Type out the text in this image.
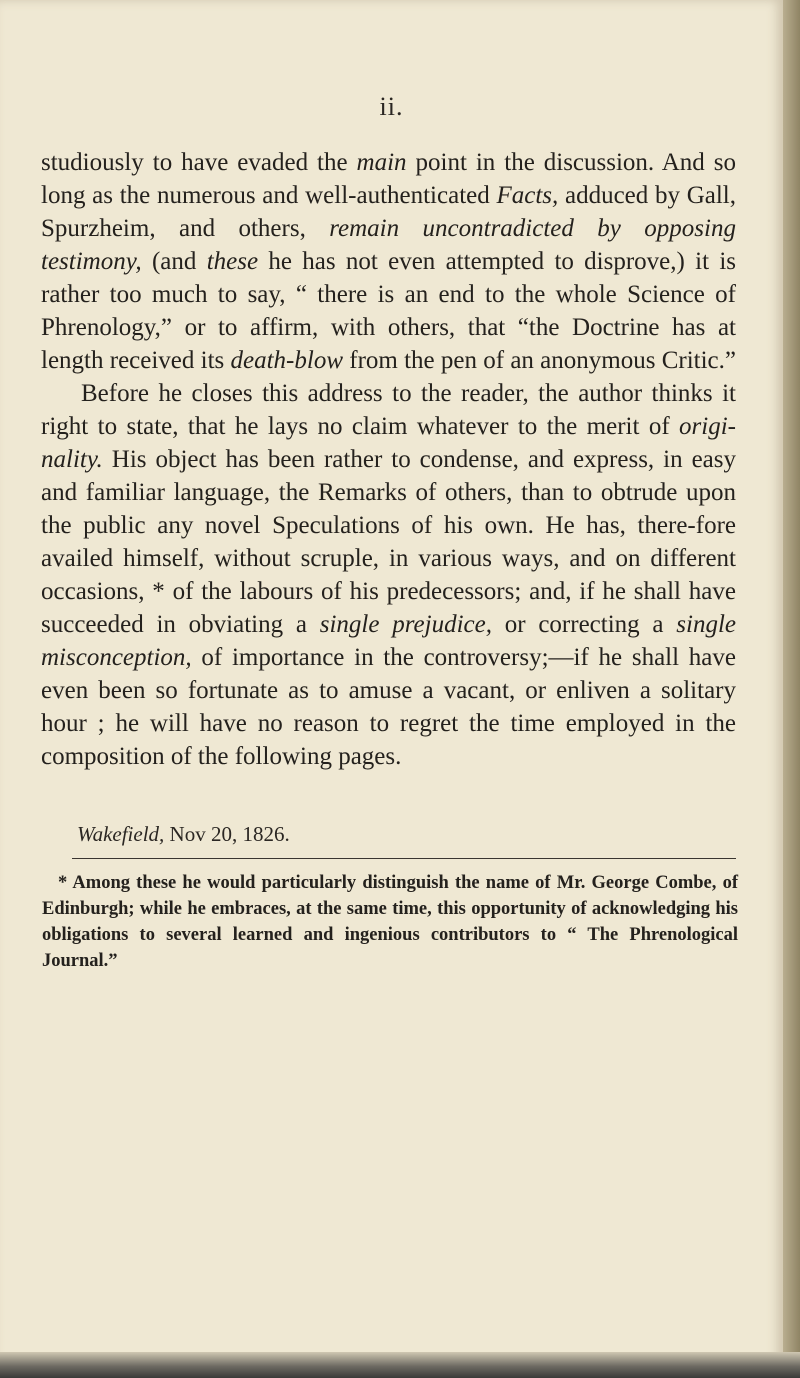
ii.

studiously to have evaded the main point in the discussion. And so long as the numerous and well-authenticated Facts, adduced by Gall, Spurzheim, and others, remain uncontradicted by opposing testimony, (and these he has not even attempted to disprove,) it is rather too much to say, “ there is an end to the whole Science of Phrenology,” or to affirm, with others, that “the Doctrine has at length received its death-blow from the pen of an anonymous Critic.”

Before he closes this address to the reader, the author thinks it right to state, that he lays no claim whatever to the merit of origi-nality. His object has been rather to condense, and express, in easy and familiar language, the Remarks of others, than to obtrude upon the public any novel Speculations of his own. He has, there-fore availed himself, without scruple, in various ways, and on different occasions, * of the labours of his predecessors; and, if he shall have succeeded in obviating a single prejudice, or correcting a single misconception, of importance in the controversy;—if he shall have even been so fortunate as to amuse a vacant, or enliven a solitary hour ; he will have no reason to regret the time employed in the composition of the following pages.

Wakefield, Nov 20, 1826.
* Among these he would particularly distinguish the name of Mr. George Combe, of Edinburgh; while he embraces, at the same time, this opportunity of acknowledging his obligations to several learned and ingenious contributors to “ The Phrenological Journal.”
